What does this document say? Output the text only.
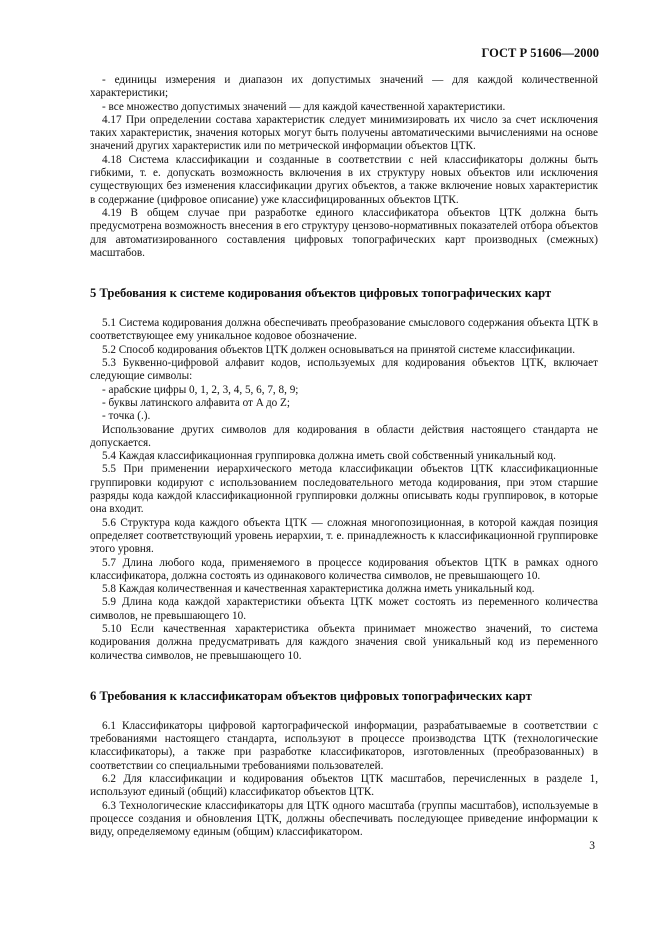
ГОСТ Р 51606—2000

- единицы измерения и диапазон их допустимых значений — для каждой количественной характеристики;

- все множество допустимых значений — для каждой качественной характеристики.

4.17 При определении состава характеристик следует минимизировать их число за счет исключения таких характеристик, значения которых могут быть получены автоматическими вычислениями на основе значений других характеристик или по метрической информации объектов ЦТК.

4.18 Система классификации и созданные в соответствии с ней классификаторы должны быть гибкими, т. е. допускать возможность включения в их структуру новых объектов или исключения существующих без изменения классификации других объектов, а также включение новых характеристик в содержание (цифровое описание) уже классифицированных объектов ЦТК.

4.19 В общем случае при разработке единого классификатора объектов ЦТК должна быть предусмотрена возможность внесения в его структуру цензово-нормативных показателей отбора объектов для автоматизированного составления цифровых топографических карт производных (смежных) масштабов.

5 Требования к системе кодирования объектов цифровых топографических карт

5.1 Система кодирования должна обеспечивать преобразование смыслового содержания объекта ЦТК в соответствующее ему уникальное кодовое обозначение.

5.2 Способ кодирования объектов ЦТК должен основываться на принятой системе классификации.

5.3 Буквенно-цифровой алфавит кодов, используемых для кодирования объектов ЦТК, включает следующие символы:

- арабские цифры 0, 1, 2, 3, 4, 5, 6, 7, 8, 9;

- буквы латинского алфавита от A до Z;

- точка (.).

Использование других символов для кодирования в области действия настоящего стандарта не допускается.

5.4 Каждая классификационная группировка должна иметь свой собственный уникальный код.

5.5 При применении иерархического метода классификации объектов ЦТК классификационные группировки кодируют с использованием последовательного метода кодирования, при этом старшие разряды кода каждой классификационной группировки должны описывать коды группировок, в которые она входит.

5.6 Структура кода каждого объекта ЦТК — сложная многопозиционная, в которой каждая позиция определяет соответствующий уровень иерархии, т. е. принадлежность к классификационной группировке этого уровня.

5.7 Длина любого кода, применяемого в процессе кодирования объектов ЦТК в рамках одного классификатора, должна состоять из одинакового количества символов, не превышающего 10.

5.8 Каждая количественная и качественная характеристика должна иметь уникальный код.

5.9 Длина кода каждой характеристики объекта ЦТК может состоять из переменного количества символов, не превышающего 10.

5.10 Если качественная характеристика объекта принимает множество значений, то система кодирования должна предусматривать для каждого значения свой уникальный код из переменного количества символов, не превышающего 10.

6 Требования к классификаторам объектов цифровых топографических карт

6.1 Классификаторы цифровой картографической информации, разрабатываемые в соответствии с требованиями настоящего стандарта, используют в процессе производства ЦТК (технологические классификаторы), а также при разработке классификаторов, изготовленных (преобразованных) в соответствии со специальными требованиями пользователей.

6.2 Для классификации и кодирования объектов ЦТК масштабов, перечисленных в разделе 1, используют единый (общий) классификатор объектов ЦТК.

6.3 Технологические классификаторы для ЦТК одного масштаба (группы масштабов), используемые в процессе создания и обновления ЦТК, должны обеспечивать последующее приведение информации к виду, определяемому единым (общим) классификатором.

3
